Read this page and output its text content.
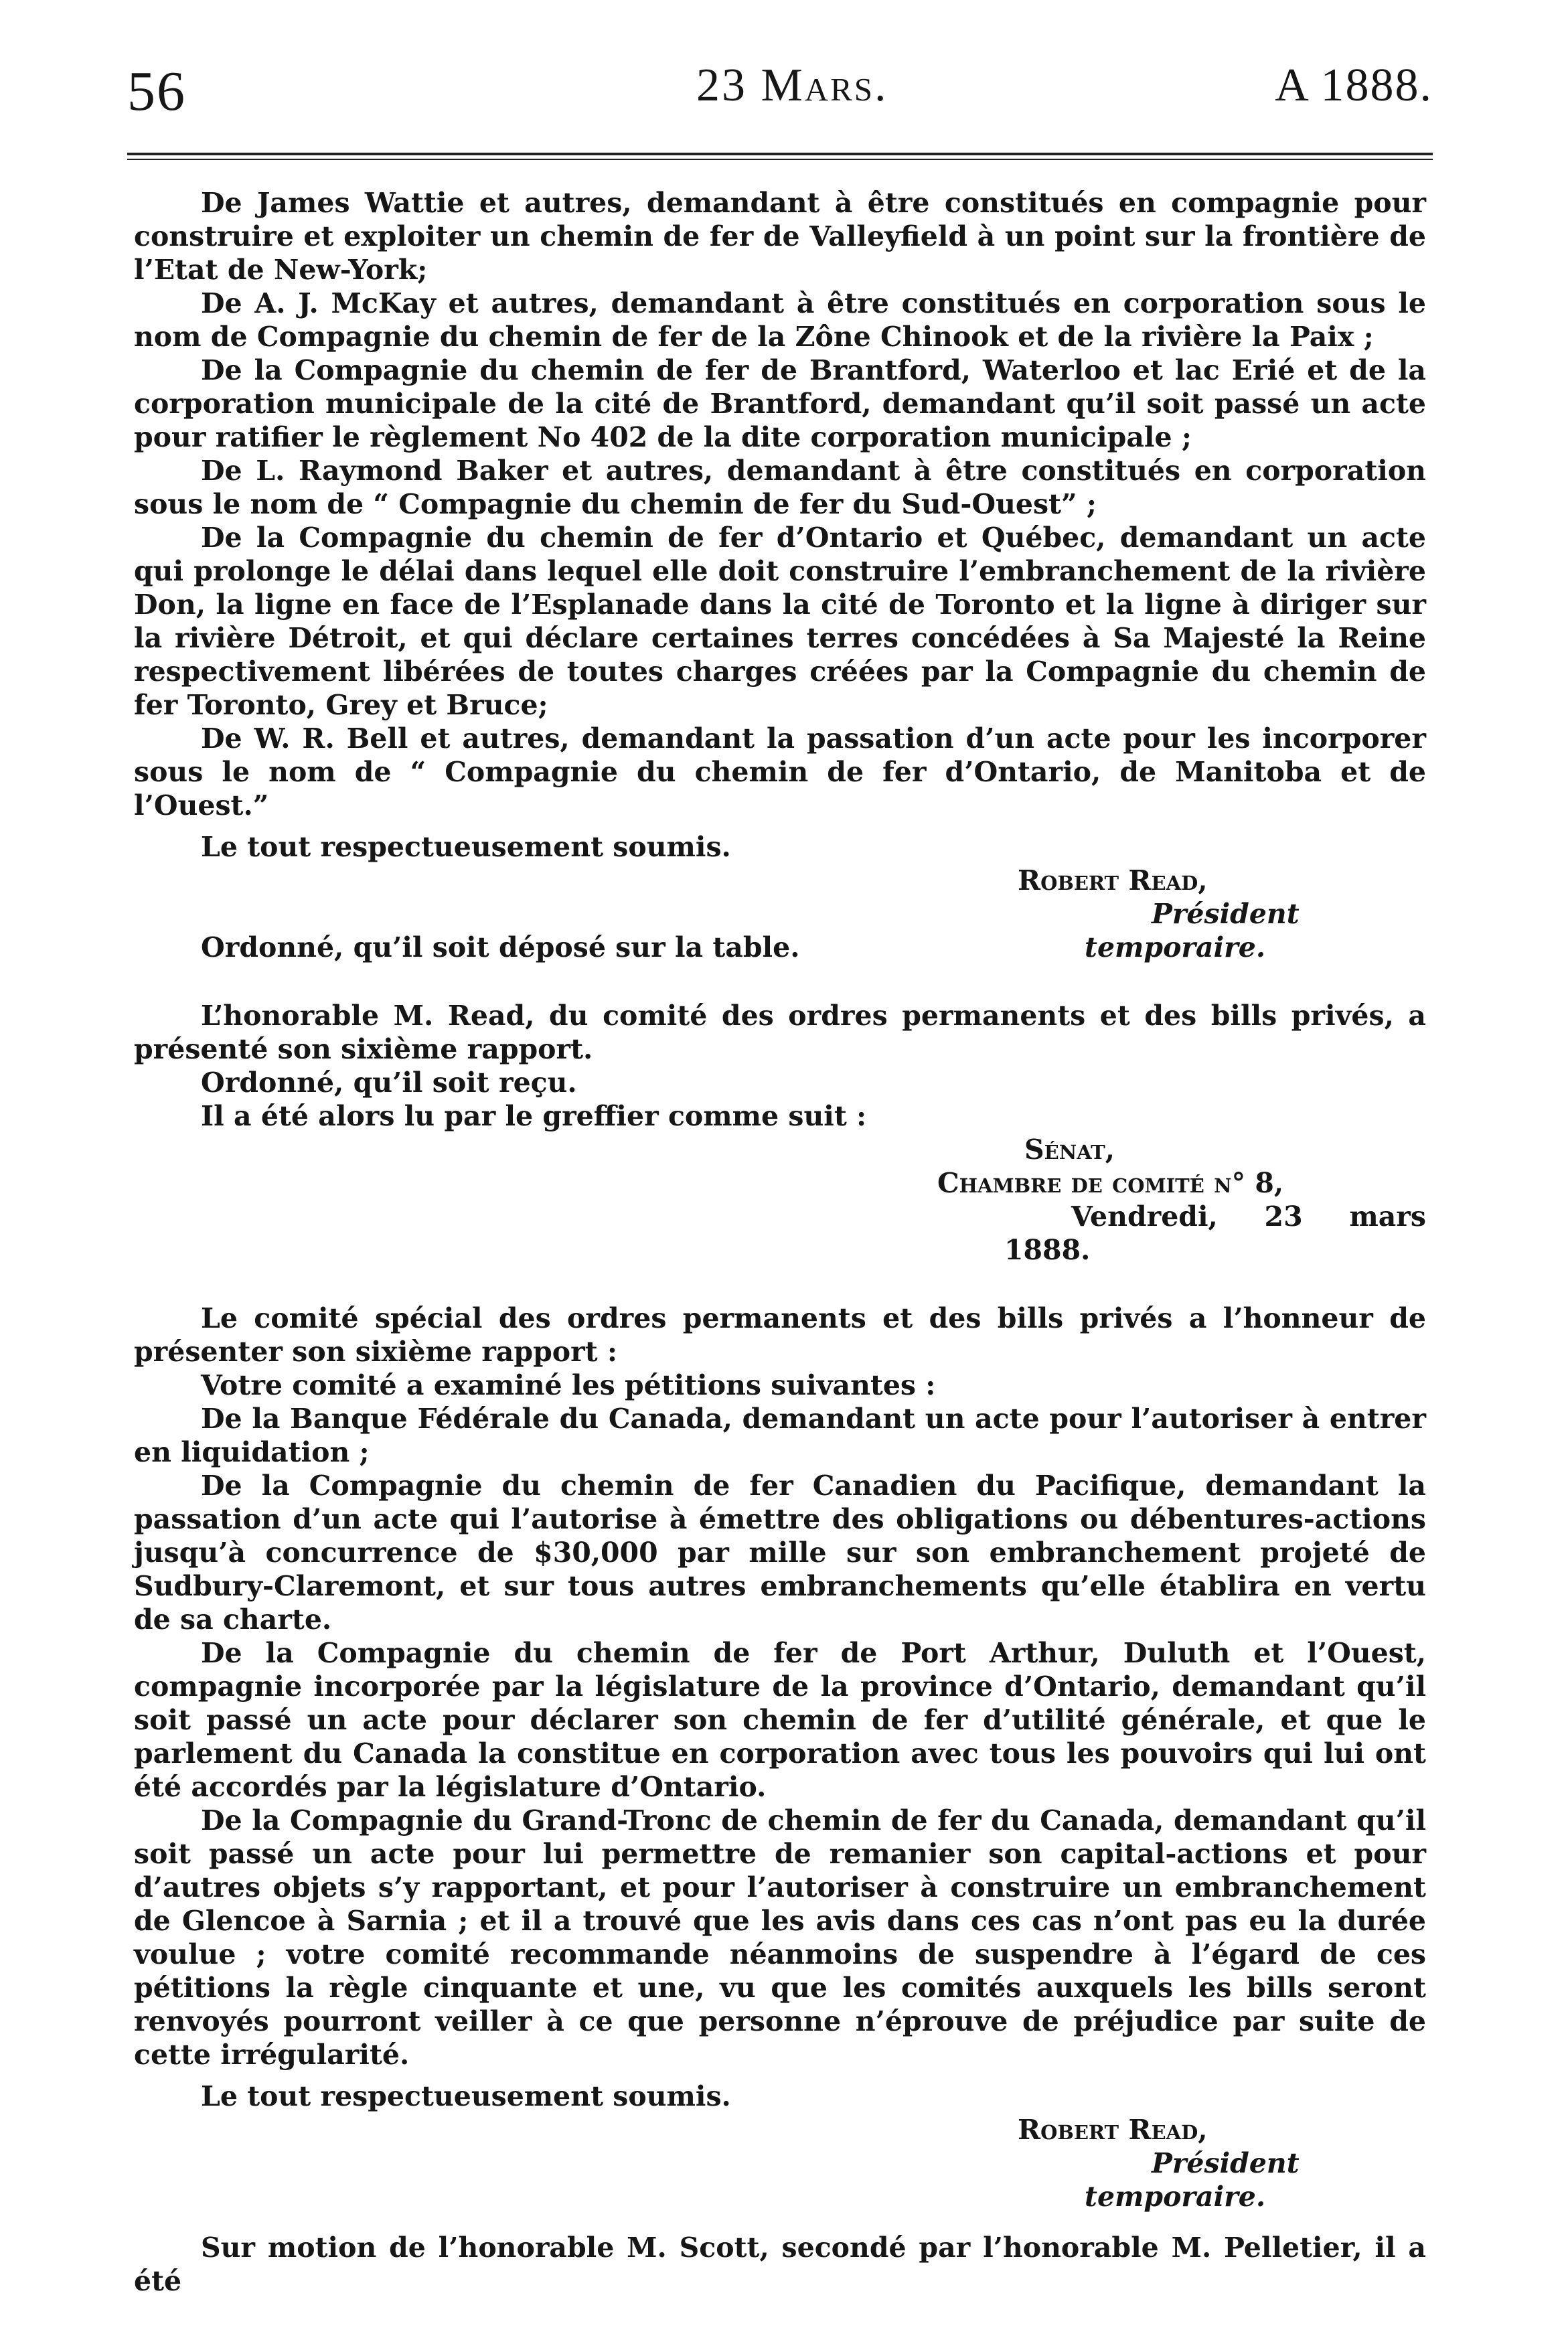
56	23 Mars.	A 1888.

De James Wattie et autres, demandant à être constitués en compagnie pour construire et exploiter un chemin de fer de Valleyfield à un point sur la frontière de l’Etat de New-York;

De A. J. McKay et autres, demandant à être constitués en corporation sous le nom de Compagnie du chemin de fer de la Zône Chinook et de la rivière la Paix ;

De la Compagnie du chemin de fer de Brantford, Waterloo et lac Erié et de la corporation municipale de la cité de Brantford, demandant qu’il soit passé un acte pour ratifier le règlement No 402 de la dite corporation municipale ;

De L. Raymond Baker et autres, demandant à être constitués en corporation sous le nom de “ Compagnie du chemin de fer du Sud-Ouest” ;

De la Compagnie du chemin de fer d’Ontario et Québec, demandant un acte qui prolonge le délai dans lequel elle doit construire l’embranchement de la rivière Don, la ligne en face de l’Esplanade dans la cité de Toronto et la ligne à diriger sur la rivière Détroit, et qui déclare certaines terres concédées à Sa Majesté la Reine respectivement libérées de toutes charges créées par la Compagnie du chemin de fer Toronto, Grey et Bruce;

De W. R. Bell et autres, demandant la passation d’un acte pour les incorporer sous le nom de “ Compagnie du chemin de fer d’Ontario, de Manitoba et de l’Ouest.”

Le tout respectueusement soumis.

Robert Read,
Président temporaire.

Ordonné, qu’il soit déposé sur la table.

L’honorable M. Read, du comité des ordres permanents et des bills privés, a présenté son sixième rapport.

Ordonné, qu’il soit reçu.

Il a été alors lu par le greffier comme suit :

Sénat,
Chambre de comité n° 8,
Vendredi, 23 mars 1888.

Le comité spécial des ordres permanents et des bills privés a l’honneur de présenter son sixième rapport :

Votre comité a examiné les pétitions suivantes :

De la Banque Fédérale du Canada, demandant un acte pour l’autoriser à entrer en liquidation ;

De la Compagnie du chemin de fer Canadien du Pacifique, demandant la passation d’un acte qui l’autorise à émettre des obligations ou débentures-actions jusqu’à concurrence de $30,000 par mille sur son embranchement projeté de Sudbury-Claremont, et sur tous autres embranchements qu’elle établira en vertu de sa charte.

De la Compagnie du chemin de fer de Port Arthur, Duluth et l’Ouest, compagnie incorporée par la législature de la province d’Ontario, demandant qu’il soit passé un acte pour déclarer son chemin de fer d’utilité générale, et que le parlement du Canada la constitue en corporation avec tous les pouvoirs qui lui ont été accordés par la législature d’Ontario.

De la Compagnie du Grand-Tronc de chemin de fer du Canada, demandant qu’il soit passé un acte pour lui permettre de remanier son capital-actions et pour d’autres objets s’y rapportant, et pour l’autoriser à construire un embranchement de Glencoe à Sarnia ; et il a trouvé que les avis dans ces cas n’ont pas eu la durée voulue ; votre comité recommande néanmoins de suspendre à l’égard de ces pétitions la règle cinquante et une, vu que les comités auxquels les bills seront renvoyés pourront veiller à ce que personne n’éprouve de préjudice par suite de cette irrégularité.

Le tout respectueusement soumis.

Robert Read,
Président temporaire.

Sur motion de l’honorable M. Scott, secondé par l’honorable M. Pelletier, il a été
